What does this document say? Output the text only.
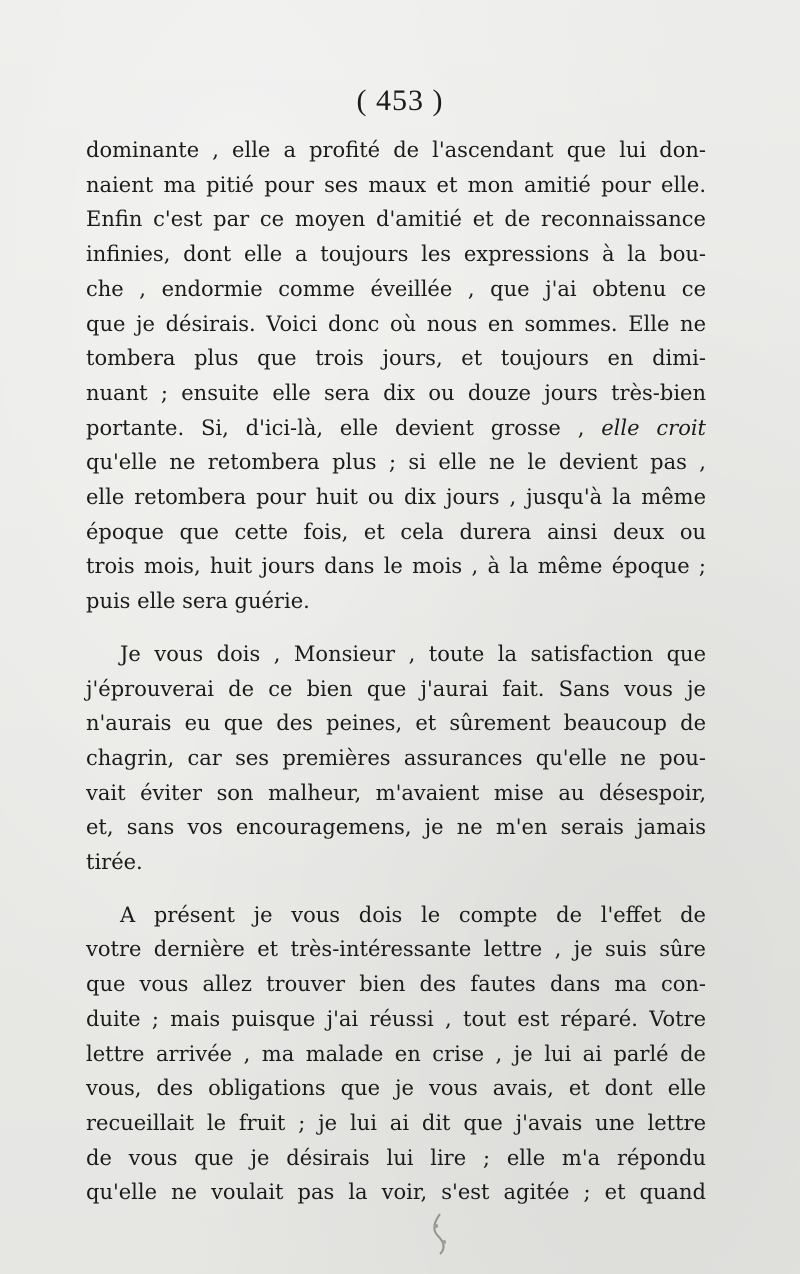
( 453 )
dominante , elle a profité de l'ascendant que lui don-
naient ma pitié pour ses maux et mon amitié pour elle.
Enfin c'est par ce moyen d'amitié et de reconnaissance
infinies, dont elle a toujours les expressions à la bou-
che , endormie comme éveillée , que j'ai obtenu ce
que je désirais. Voici donc où nous en sommes. Elle ne
tombera plus que trois jours, et toujours en dimi-
nuant ; ensuite elle sera dix ou douze jours très-bien
portante. Si, d'ici-là, elle devient grosse , elle croit
qu'elle ne retombera plus ; si elle ne le devient pas ,
elle retombera pour huit ou dix jours , jusqu'à la même
époque que cette fois, et cela durera ainsi deux ou
trois mois, huit jours dans le mois , à la même époque ;
puis elle sera guérie.
Je vous dois , Monsieur , toute la satisfaction que
j'éprouverai de ce bien que j'aurai fait. Sans vous je
n'aurais eu que des peines, et sûrement beaucoup de
chagrin, car ses premières assurances qu'elle ne pou-
vait éviter son malheur, m'avaient mise au désespoir,
et, sans vos encouragemens, je ne m'en serais jamais
tirée.
A présent je vous dois le compte de l'effet de
votre dernière et très-intéressante lettre , je suis sûre
que vous allez trouver bien des fautes dans ma con-
duite ; mais puisque j'ai réussi , tout est réparé. Votre
lettre arrivée , ma malade en crise , je lui ai parlé de
vous, des obligations que je vous avais, et dont elle
recueillait le fruit ; je lui ai dit que j'avais une lettre
de vous que je désirais lui lire ; elle m'a répondu
qu'elle ne voulait pas la voir, s'est agitée ; et quand
